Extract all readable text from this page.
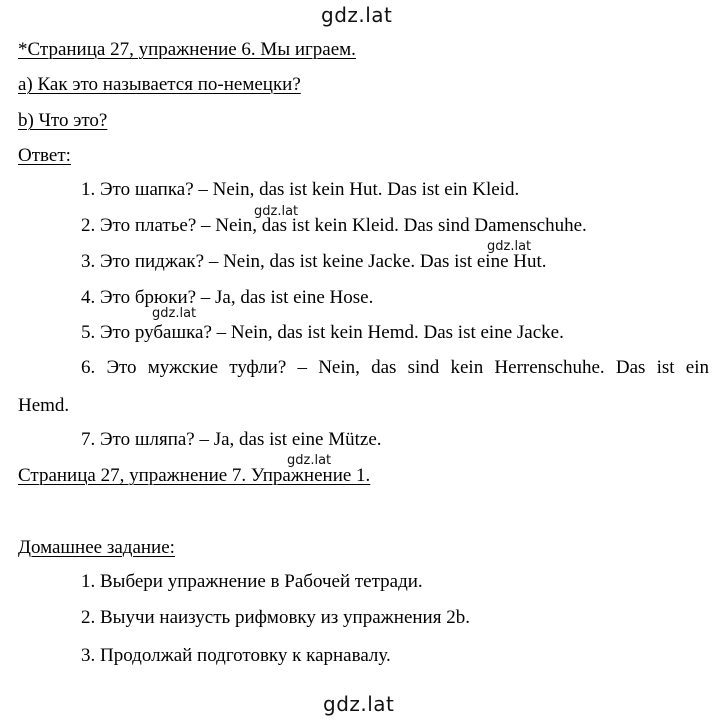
gdz.lat
*Страница 27, упражнение 6. Мы играем.
а) Как это называется по-немецки?
b) Что это?
Ответ:
1. Это шапка? – Nein, das ist kein Hut. Das ist ein Kleid.
2. Это платье? – Nein, das ist kein Kleid. Das sind Damenschuhe.
3. Это пиджак? – Nein, das ist keine Jacke. Das ist eine Hut.
4. Это брюки? – Ja, das ist eine Hose.
5. Это рубашка? – Nein, das ist kein Hemd. Das ist eine Jacke.
6. Это мужские туфли? – Nein, das sind kein Herrenschuhe. Das ist ein
Hemd.
7. Это шляпа? – Ja, das ist eine Mütze.
Страница 27, упражнение 7. Упражнение 1.
Домашнее задание:
1. Выбери упражнение в Рабочей тетради.
2. Выучи наизусть рифмовку из упражнения 2b.
3. Продолжай подготовку к карнавалу.
gdz.lat
gdz.lat
gdz.lat
gdz.lat
gdz.lat
